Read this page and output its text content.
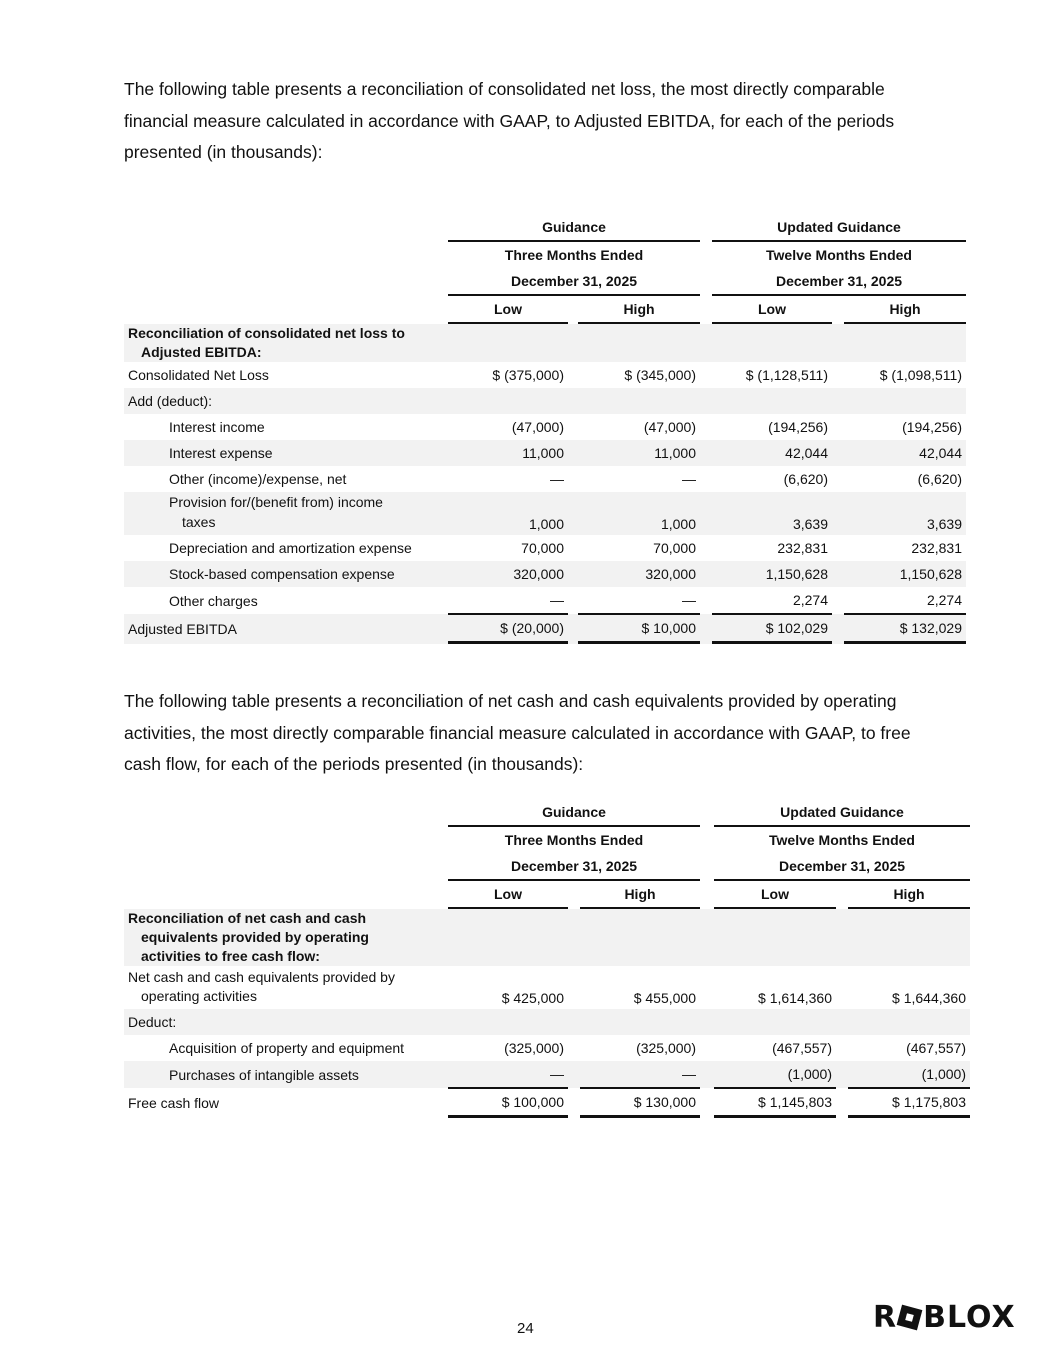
The following table presents a reconciliation of consolidated net loss, the most directly comparable financial measure calculated in accordance with GAAP, to Adjusted EBITDA, for each of the periods presented (in thousands):

	Guidance				Updated Guidance		
	Three Months Ended				Twelve Months Ended		
	December 31, 2025				December 31, 2025		
	Low		High		Low		High
Reconciliation of consolidated net loss to
Adjusted EBITDA:							
Consolidated Net Loss	$ (375,000)		$ (345,000)		$ (1,128,511)		$ (1,098,511)
Add (deduct):							
Interest income	(47,000)		(47,000)		(194,256)		(194,256)
Interest expense	11,000		11,000		42,044		42,044
Other (income)/expense, net	—		—		(6,620)		(6,620)
Provision for/(benefit from) income
taxes	1,000		1,000		3,639		3,639
Depreciation and amortization expense	70,000		70,000		232,831		232,831
Stock-based compensation expense	320,000		320,000		1,150,628		1,150,628
Other charges	—		—		2,274		2,274
Adjusted EBITDA	$ (20,000)		$ 10,000		$ 102,029		$ 132,029

The following table presents a reconciliation of net cash and cash equivalents provided by operating activities, the most directly comparable financial measure calculated in accordance with GAAP, to free cash flow, for each of the periods presented (in thousands):

	Guidance				Updated Guidance		
	Three Months Ended				Twelve Months Ended		
	December 31, 2025				December 31, 2025		
	Low		High		Low		High
Reconciliation of net cash and cash
equivalents provided by operating
activities to free cash flow:							
Net cash and cash equivalents provided by
operating activities	$ 425,000		$ 455,000		$ 1,614,360		$ 1,644,360
Deduct:							
Acquisition of property and equipment	(325,000)		(325,000)		(467,557)		(467,557)
Purchases of intangible assets	—		—		(1,000)		(1,000)
Free cash flow	$ 100,000		$ 130,000		$ 1,145,803		$ 1,175,803
24	R BLOX
